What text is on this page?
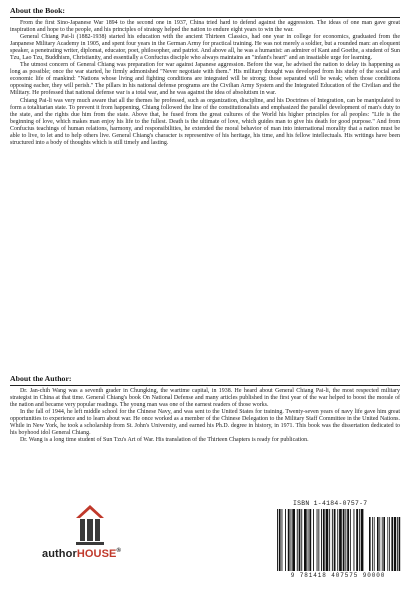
About the Book:

From the first Sino-Japanese War 1894 to the second one in 1937, China tried hard to defend against the aggression. The ideas of one man gave great inspiration and hope to the people, and his principles of strategy helped the nation to endure eight years to win the war.

General Chiang Pai-li (1882-1938) started his education with the ancient Thirteen Classics, had one year in college for economics, graduated from the Janpanese Military Academy in 1905, and spent four years in the German Army for practical training. He was not merely a soldier, but a rounded man: an eloquent speaker, a penetrating writer, diplomat, educator, poet, philosopher, and patriot. And above all, he was a humanist: an admirer of Kant and Goethe, a student of Sun Tzu, Lao Tzu, Buddhism, Christianity, and essentially a Confucius disciple who always maintains an "infant's heart" and an insatiable urge for learning.

The utmost concern of General Chiang was preparation for war against Japanese aggression. Before the war, he advised the nation to delay its happening as long as possible; once the war started, he firmly admonished "Never negotiate with them." His military thought was developed from his study of the social and economic life of mankind: "Nations whose living and fighting conditions are integrated will be strong; those separated will be weak; when those conditions opposing eacher, they will perish." The pillars in his national defense programs are the Civilian Army System and the Integrated Education of the Civilian and the Military. He professed that national defense war is a total war, and he was against the idea of absolutism in war.

Chiang Pai-li was very much aware that all the themes he professed, such as organization, discipline, and his Doctrines of Integration, can be manipulated to form a totalitarian state. To prevent it from happening, Chiang followed the line of the constitutionalists and emphasized the parallel development of man's duty to the state, and the rights due him from the state. Above that, he fused from the great cultures of the World his higher principles for all peoples: "Life is the beginning of love, which makes man enjoy his life to the fullest. Death is the ultimate of love, which guides man to give his death for good purpose." And from Confucius teachings of human relations, harmony, and responsibilities, he extended the moral behavior of man into international morality that a nation must be able to live, to let and to help others live. General Chiang's character is representive of his heritage, his time, and his fellow intellectuals. His writings have been structured into a body of thoughts which is still timely and lasting.

About the Author:

Dr. Jan-chih Wang was a seventh grader in Chungking, the wartime capital, in 1938. He heard about General Chiang Pai-li, the most respected military strategist in China at that time. General Chiang's book On National Defense and many articles published in the first year of the war helped to boost the morale of the nation and became very popular readings. The young man was one of the earnest readers of those works.

In the fall of 1944, he left middle school for the Chinese Navy, and was sent to the United States for training. Twenty-seven years of navy life gave him great opportunities to experience and to learn about war. He once worked as a member of the Chinese Delegation to the Military Staff Committee in the United Nations. While in New York, he took a scholarship from St. John's University, and earned his Ph.D. degree in history, in 1971. This book was the dissertation dedicated to his boyhood idol General Chiang.

Dr. Wang is a long time student of Sun Tzu's Art of War. His translation of the Thirteen Chapters is ready for publication.

authorHOUSE®
ISBN 1-4184-0757-7
9 781418 407575 90000
